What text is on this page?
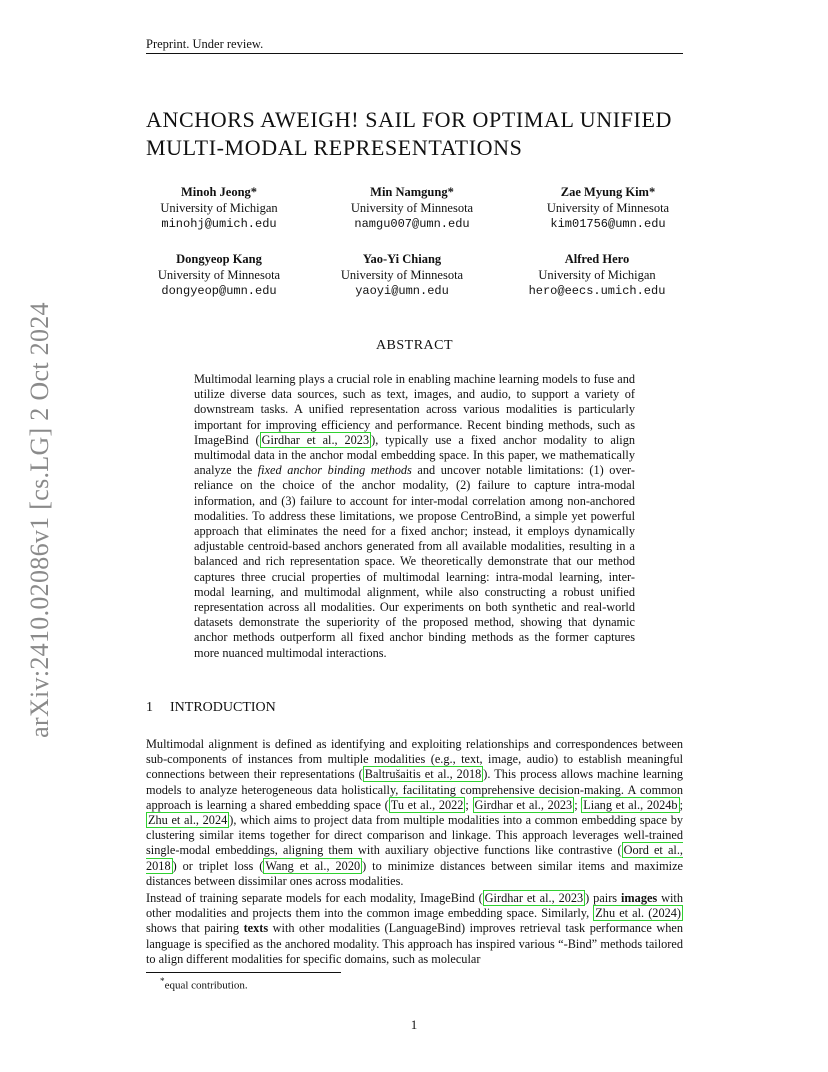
Preprint. Under review.
arXiv:2410.02086v1 [cs.LG] 2 Oct 2024
ANCHORS AWEIGH! SAIL FOR OPTIMAL UNIFIED
MULTI-MODAL REPRESENTATIONS
Minoh Jeong*
University of Michigan
minohj@umich.edu
Min Namgung*
University of Minnesota
namgu007@umn.edu
Zae Myung Kim*
University of Minnesota
kim01756@umn.edu
Dongyeop Kang
University of Minnesota
dongyeop@umn.edu
Yao-Yi Chiang
University of Minnesota
yaoyi@umn.edu
Alfred Hero
University of Michigan
hero@eecs.umich.edu
ABSTRACT
Multimodal learning plays a crucial role in enabling machine learning models to fuse and utilize diverse data sources, such as text, images, and audio, to support a variety of downstream tasks. A unified representation across various modalities is particularly important for improving efficiency and performance. Recent binding methods, such as ImageBind ( Girdhar et al., 2023 ), typically use a fixed anchor modality to align multimodal data in the anchor modal embedding space. In this paper, we mathematically analyze the fixed anchor binding methods and uncover notable limitations: (1) over-reliance on the choice of the anchor modality, (2) failure to capture intra-modal information, and (3) failure to account for inter-modal correlation among non-anchored modalities. To address these limitations, we propose CentroBind, a simple yet powerful approach that eliminates the need for a fixed anchor; instead, it employs dynamically adjustable centroid-based anchors generated from all available modalities, resulting in a balanced and rich representation space. We theoretically demonstrate that our method captures three crucial properties of multimodal learning: intra-modal learning, inter-modal learning, and multimodal alignment, while also constructing a robust unified representation across all modalities. Our experiments on both synthetic and real-world datasets demonstrate the superiority of the proposed method, showing that dynamic anchor methods outperform all fixed anchor binding methods as the former captures more nuanced multimodal interactions.
1 INTRODUCTION
Multimodal alignment is defined as identifying and exploiting relationships and correspondences between sub-components of instances from multiple modalities (e.g., text, image, audio) to establish meaningful connections between their representations ( Baltrušaitis et al., 2018 ). This process allows machine learning models to analyze heterogeneous data holistically, facilitating comprehensive decision-making. A common approach is learning a shared embedding space ( Tu et al., 2022 ; Girdhar et al., 2023 ; Liang et al., 2024b ; Zhu et al., 2024 ), which aims to project data from multiple modalities into a common embedding space by clustering similar items together for direct comparison and linkage. This approach leverages well-trained single-modal embeddings, aligning them with auxiliary objective functions like contrastive ( Oord et al., 2018 ) or triplet loss ( Wang et al., 2020 ) to minimize distances between similar items and maximize distances between dissimilar ones across modalities.
Instead of training separate models for each modality, ImageBind ( Girdhar et al., 2023 ) pairs images with other modalities and projects them into the common image embedding space. Similarly, Zhu et al. (2024) shows that pairing texts with other modalities (LanguageBind) improves retrieval task performance when language is specified as the anchored modality. This approach has inspired various “-Bind” methods tailored to align different modalities for specific domains, such as molecular
*equal contribution.
1
